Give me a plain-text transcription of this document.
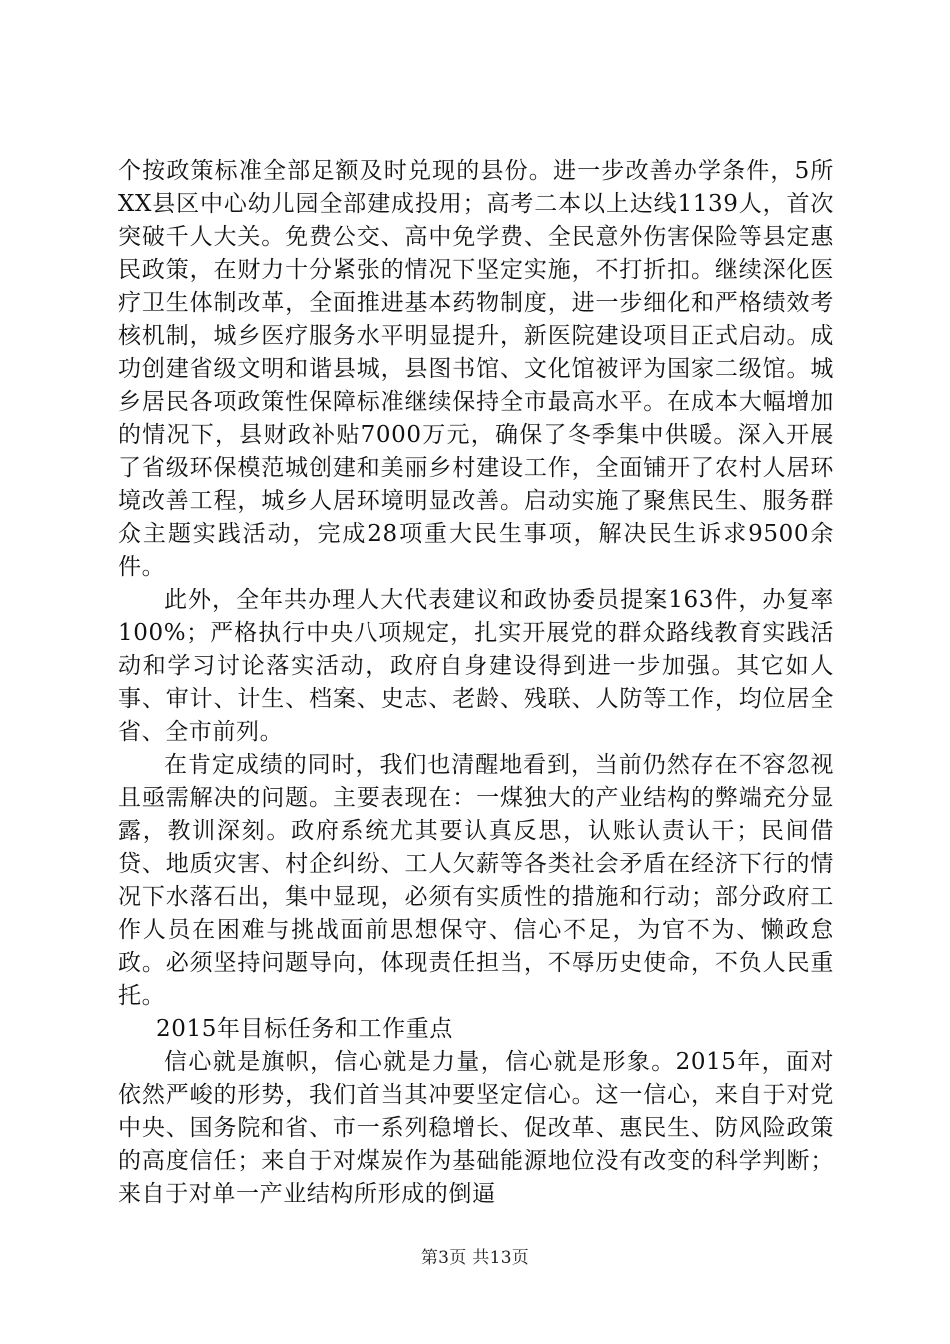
个按政策标准全部足额及时兑现的县份。进一步改善办学条件，5所XX县区中心幼儿园全部建成投用；高考二本以上达线1139人，首次突破千人大关。免费公交、高中免学费、全民意外伤害保险等县定惠民政策，在财力十分紧张的情况下坚定实施，不打折扣。继续深化医疗卫生体制改革，全面推进基本药物制度，进一步细化和严格绩效考核机制，城乡医疗服务水平明显提升，新医院建设项目正式启动。成功创建省级文明和谐县城，县图书馆、文化馆被评为国家二级馆。城乡居民各项政策性保障标准继续保持全市最高水平。在成本大幅增加的情况下，县财政补贴7000万元，确保了冬季集中供暖。深入开展了省级环保模范城创建和美丽乡村建设工作，全面铺开了农村人居环境改善工程，城乡人居环境明显改善。启动实施了聚焦民生、服务群众主题实践活动，完成28项重大民生事项，解决民生诉求9500余件。

此外，全年共办理人大代表建议和政协委员提案163件，办复率100%；严格执行中央八项规定，扎实开展党的群众路线教育实践活动和学习讨论落实活动，政府自身建设得到进一步加强。其它如人事、审计、计生、档案、史志、老龄、残联、人防等工作，均位居全省、全市前列。

在肯定成绩的同时，我们也清醒地看到，当前仍然存在不容忽视且亟需解决的问题。主要表现在：一煤独大的产业结构的弊端充分显露，教训深刻。政府系统尤其要认真反思，认账认责认干；民间借贷、地质灾害、村企纠纷、工人欠薪等各类社会矛盾在经济下行的情况下水落石出，集中显现，必须有实质性的措施和行动；部分政府工作人员在困难与挑战面前思想保守、信心不足，为官不为、懒政怠政。必须坚持问题导向，体现责任担当，不辱历史使命，不负人民重托。

2015年目标任务和工作重点

信心就是旗帜，信心就是力量，信心就是形象。2015年，面对依然严峻的形势，我们首当其冲要坚定信心。这一信心，来自于对党中央、国务院和省、市一系列稳增长、促改革、惠民生、防风险政策的高度信任；来自于对煤炭作为基础能源地位没有改变的科学判断；来自于对单一产业结构所形成的倒逼

第3页 共13页
